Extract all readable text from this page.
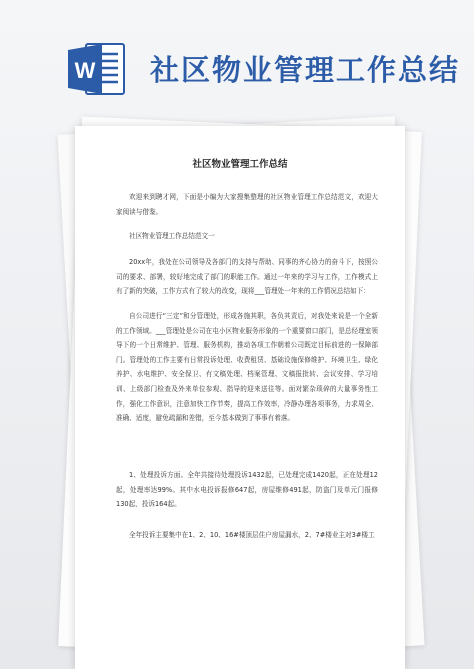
W 社区物业管理工作总结
社区物业管理工作总结

欢迎来到聘才网，下面是小编为大家搜集整理的社区物业管理工作总结范文，欢迎大家阅读与借鉴。

社区物业管理工作总结范文一

20xx年，我处在公司领导及各部门的支持与帮助、同事的齐心协力的奋斗下，按照公司的要求、部署，较好地完成了部门的职能工作。通过一年来的学习与工作，工作模式上有了新的突破，工作方式有了较大的改变，现将___管理处一年来的工作情况总结如下：

自公司进行“三定”和分管理处，形成各施其职，各负其责后，对我处来说是一个全新的工作领域。___管理处是公司在屯小区物业服务形象的一个重要窗口部门，是总经理室领导下的一个日常维护、管理、服务机构，推动各项工作朝着公司既定目标前进的一保障部门。管理处的工作主要有日常投诉处理、收费租赁、基础设施保修维护、环境卫生、绿化养护、水电维护、安全保卫、有文稿处理、档案管理、文稿报批转、会议安排、学习培训、上级部门检查及外来单位参观、指导的迎来送往等。面对繁杂琐碎的大量事务性工作，强化工作意识，注意加快工作节奏，提高工作效率，冷静办理各项事务，力求周全、准确、适度，避免疏漏和差错，至今基本做到了事事有着落。

1、处理投诉方面。全年共接待处理投诉1432起，已处理完成1420起，正在处理12起，处理率达99%。其中水电投诉报修647起，房屋维修491起，防盗门及单元门报修130起，投诉164起。

全年投诉主要集中在1、2、10、16#楼顶层住户房屋漏水，2、7#楼业主对3#楼工
